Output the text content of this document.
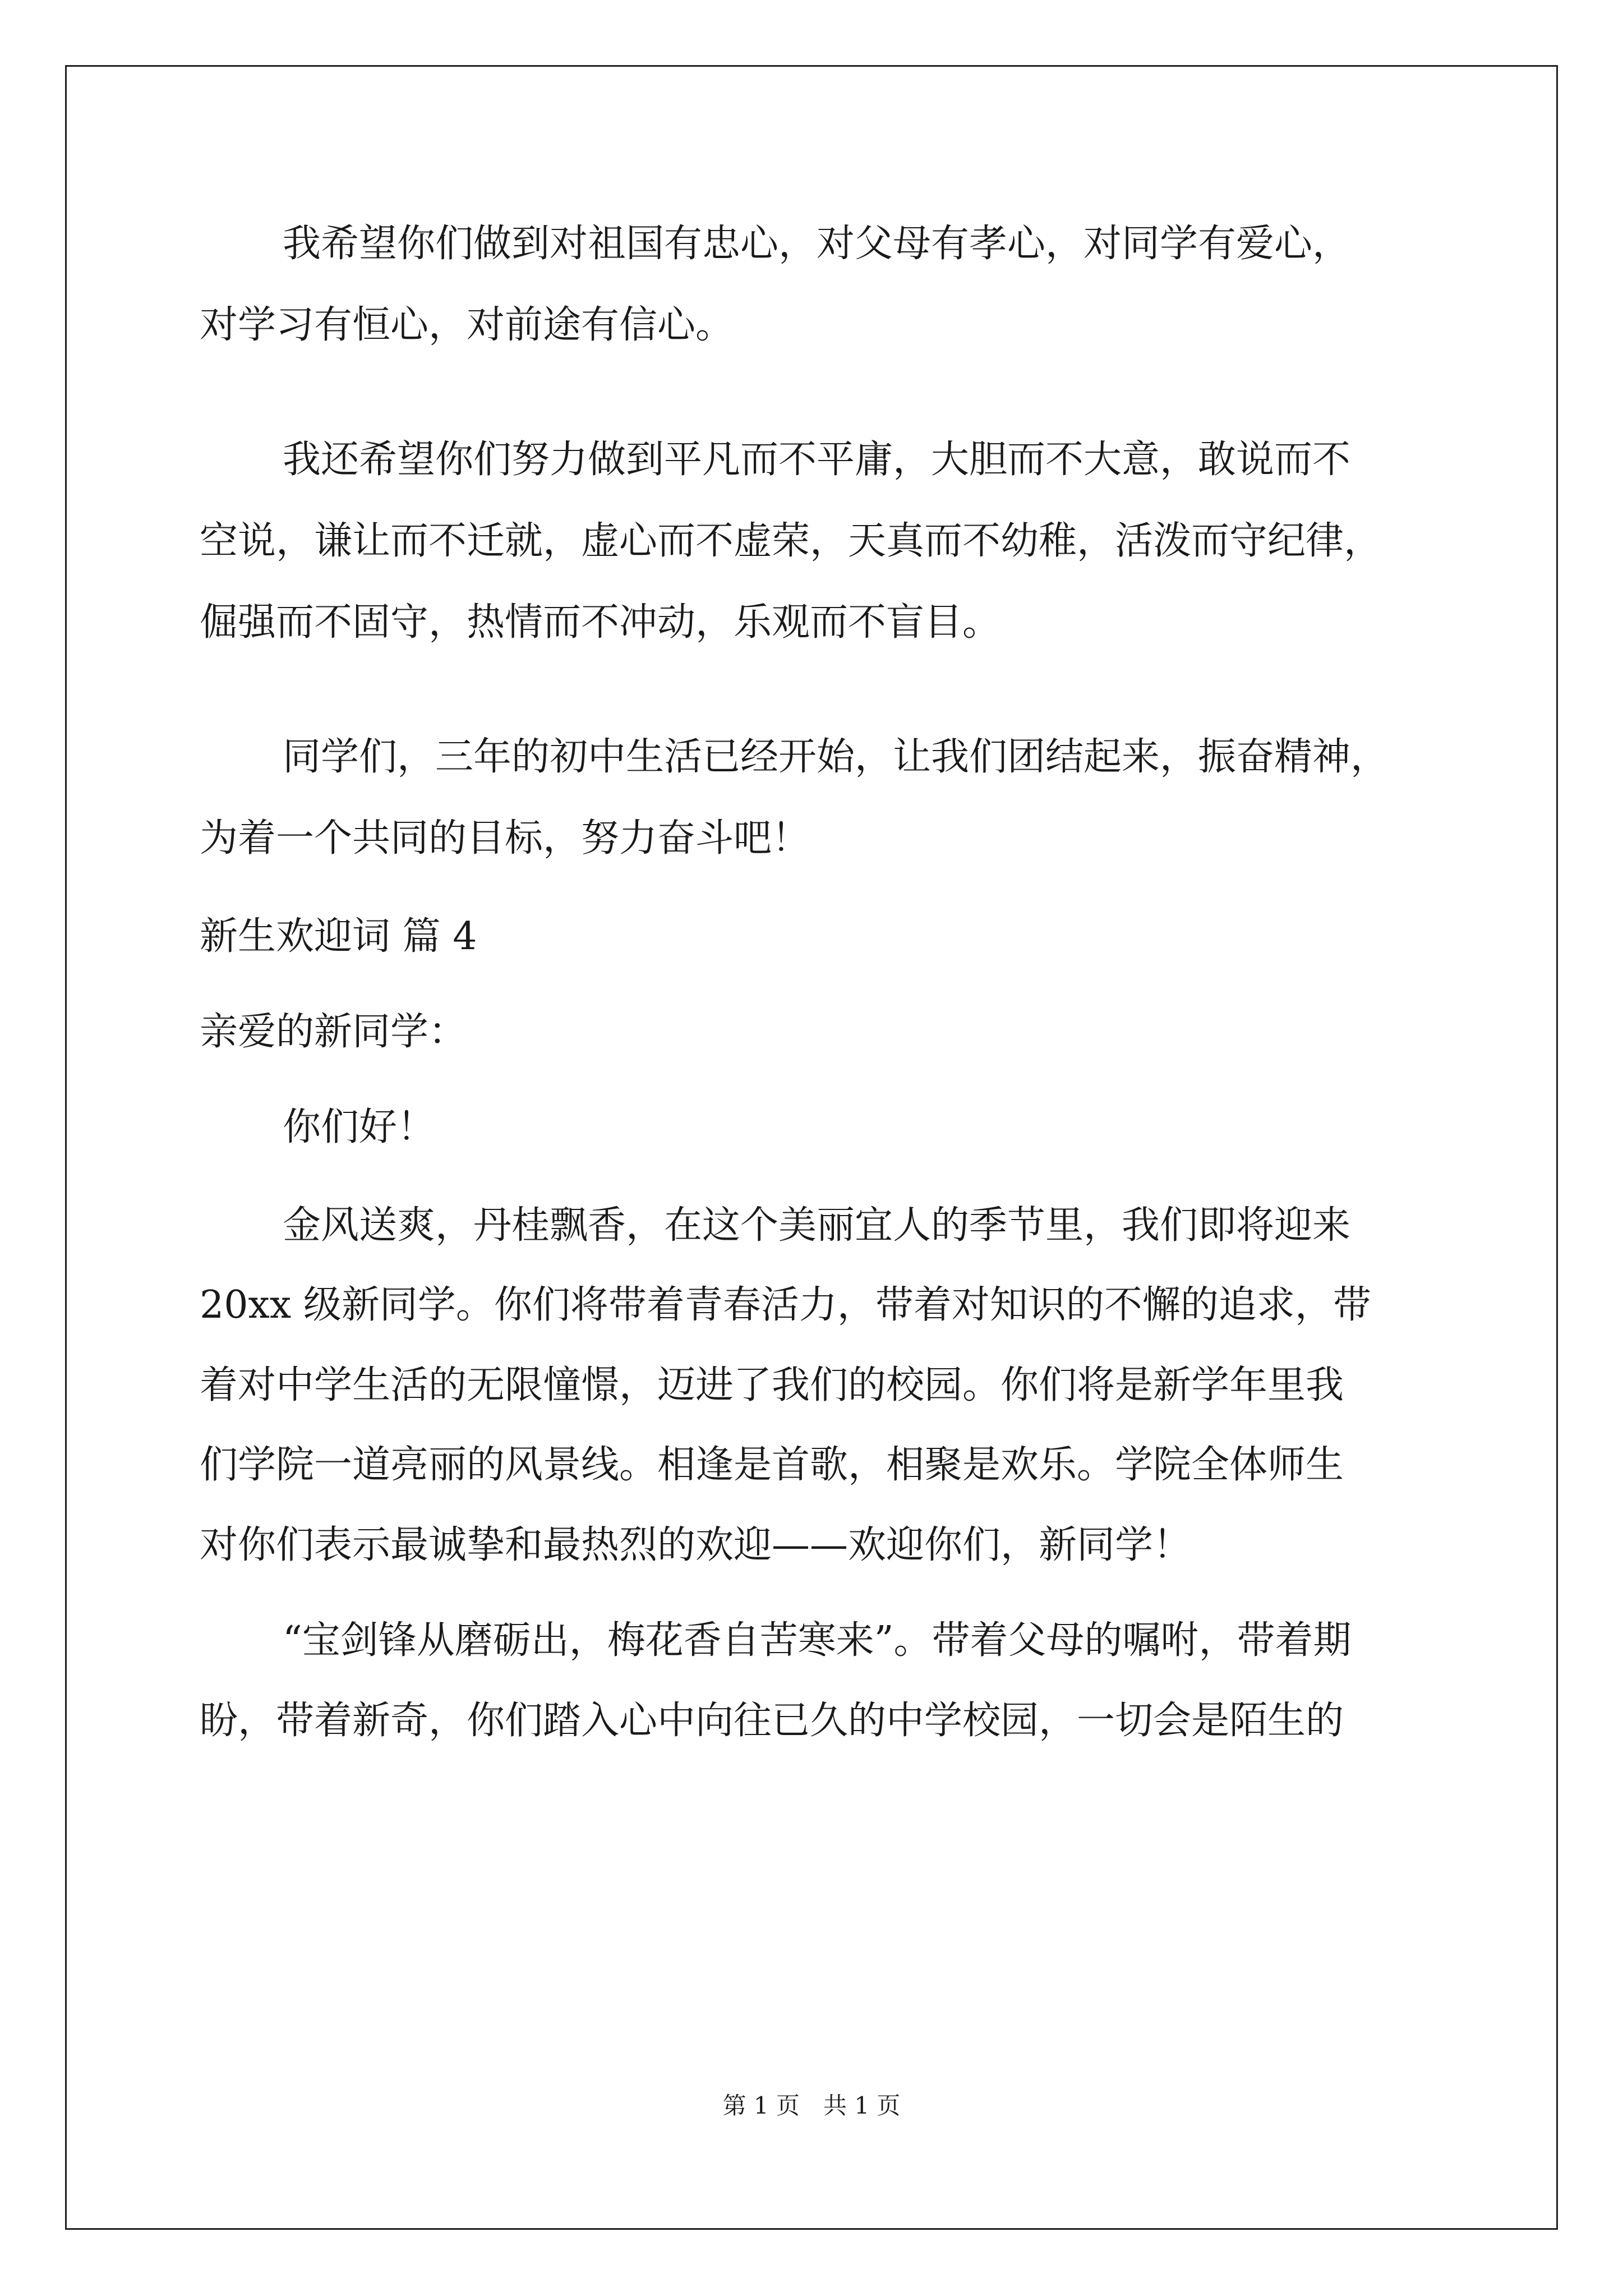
我希望你们做到对祖国有忠心，对父母有孝心，对同学有爱心，
对学习有恒心，对前途有信心。
我还希望你们努力做到平凡而不平庸，大胆而不大意，敢说而不
空说，谦让而不迁就，虚心而不虚荣，天真而不幼稚，活泼而守纪律，
倔强而不固守，热情而不冲动，乐观而不盲目。
同学们，三年的初中生活已经开始，让我们团结起来，振奋精神，
为着一个共同的目标，努力奋斗吧！
新生欢迎词 篇 4
亲爱的新同学：
你们好！
金风送爽，丹桂飘香，在这个美丽宜人的季节里，我们即将迎来
20xx 级新同学。你们将带着青春活力，带着对知识的不懈的追求，带
着对中学生活的无限憧憬，迈进了我们的校园。你们将是新学年里我
们学院一道亮丽的风景线。相逢是首歌，相聚是欢乐。学院全体师生
对你们表示最诚挚和最热烈的欢迎——欢迎你们，新同学！
“宝剑锋从磨砺出，梅花香自苦寒来”。带着父母的嘱咐，带着期
盼，带着新奇，你们踏入心中向往已久的中学校园，一切会是陌生的
第 1 页　共 1 页
